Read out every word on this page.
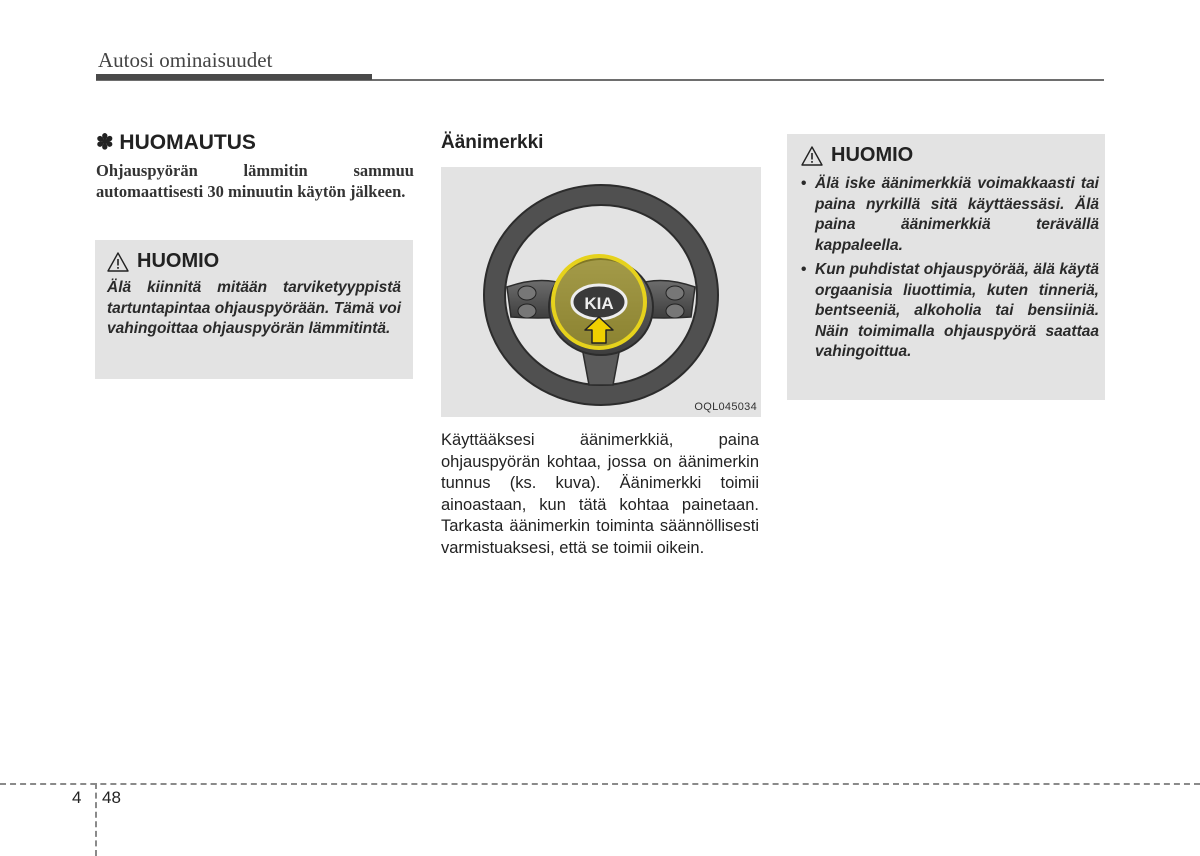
Autosi ominaisuudet
✽ HUOMAUTUS
Ohjauspyörän lämmitin sammuu automaattisesti 30 minuutin käytön jälkeen.
HUOMIO
Älä kiinnitä mitään tarviketyyppistä tartuntapintaa ohjauspyörään. Tämä voi vahingoittaa ohjauspyörän lämmitintä.
Äänimerkki
KIA
OQL045034
Käyttääksesi äänimerkkiä, paina ohjauspyörän kohtaa, jossa on äänimerkin tunnus (ks. kuva). Äänimerkki toimii ainoastaan, kun tätä kohtaa painetaan. Tarkasta äänimerkin toiminta säännöllisesti varmistuaksesi, että se toimii oikein.
HUOMIO
• Älä iske äänimerkkiä voimakkaasti tai paina nyrkillä sitä käyttäessäsi. Älä paina äänimerkkiä terävällä kappaleella.
• Kun puhdistat ohjauspyörää, älä käytä orgaanisia liuottimia, kuten tinneriä, bentseeniä, alkoholia tai bensiiniä. Näin toimimalla ohjauspyörä saattaa vahingoittua.
4 48
